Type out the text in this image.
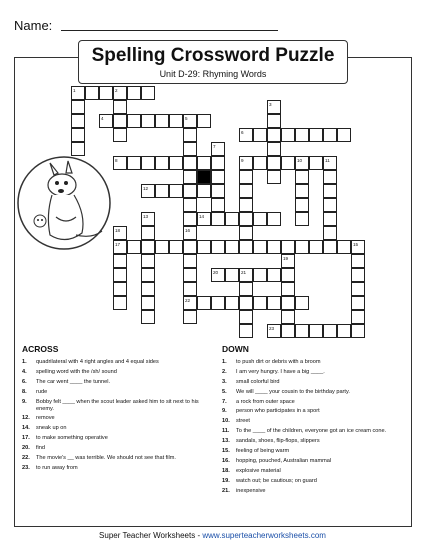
Name:
Spelling Crossword Puzzle
Unit D-29: Rhyming Words
1	2
3
4	5
6
7
8	9	10	11
12
13	14
15
16
17
18
19
20	21
22
23
ACROSS
1.	quadrilateral with 4 right angles and 4 equal sides
4.	spelling word with the /sh/ sound
6.	The car went ____ the tunnel.
8.	rude
9.	Bobby felt ____ when the scout leader asked him to sit next to his enemy.
12.	remove
14.	sneak up on
17.	to make something operative
20.	find
22.	The movie's __ was terrible. We should not see that film.
23.	to run away from
DOWN
1.	to push dirt or debris with a broom
2.	I am very hungry. I have a big ____.
3.	small colorful bird
5.	We will ____ your cousin to the birthday party.
7.	a rock from outer space
9.	person who participates in a sport
10.	street
11.	To the ____ of the children, everyone got an ice cream cone.
13.	sandals, shoes, flip-flops, slippers
15.	feeling of being warm
16.	hopping, pouched, Australian mammal
18.	explosive material
19.	watch out; be cautious; on guard
21.	inexpensive
Super Teacher Worksheets - www.superteacherworksheets.com
